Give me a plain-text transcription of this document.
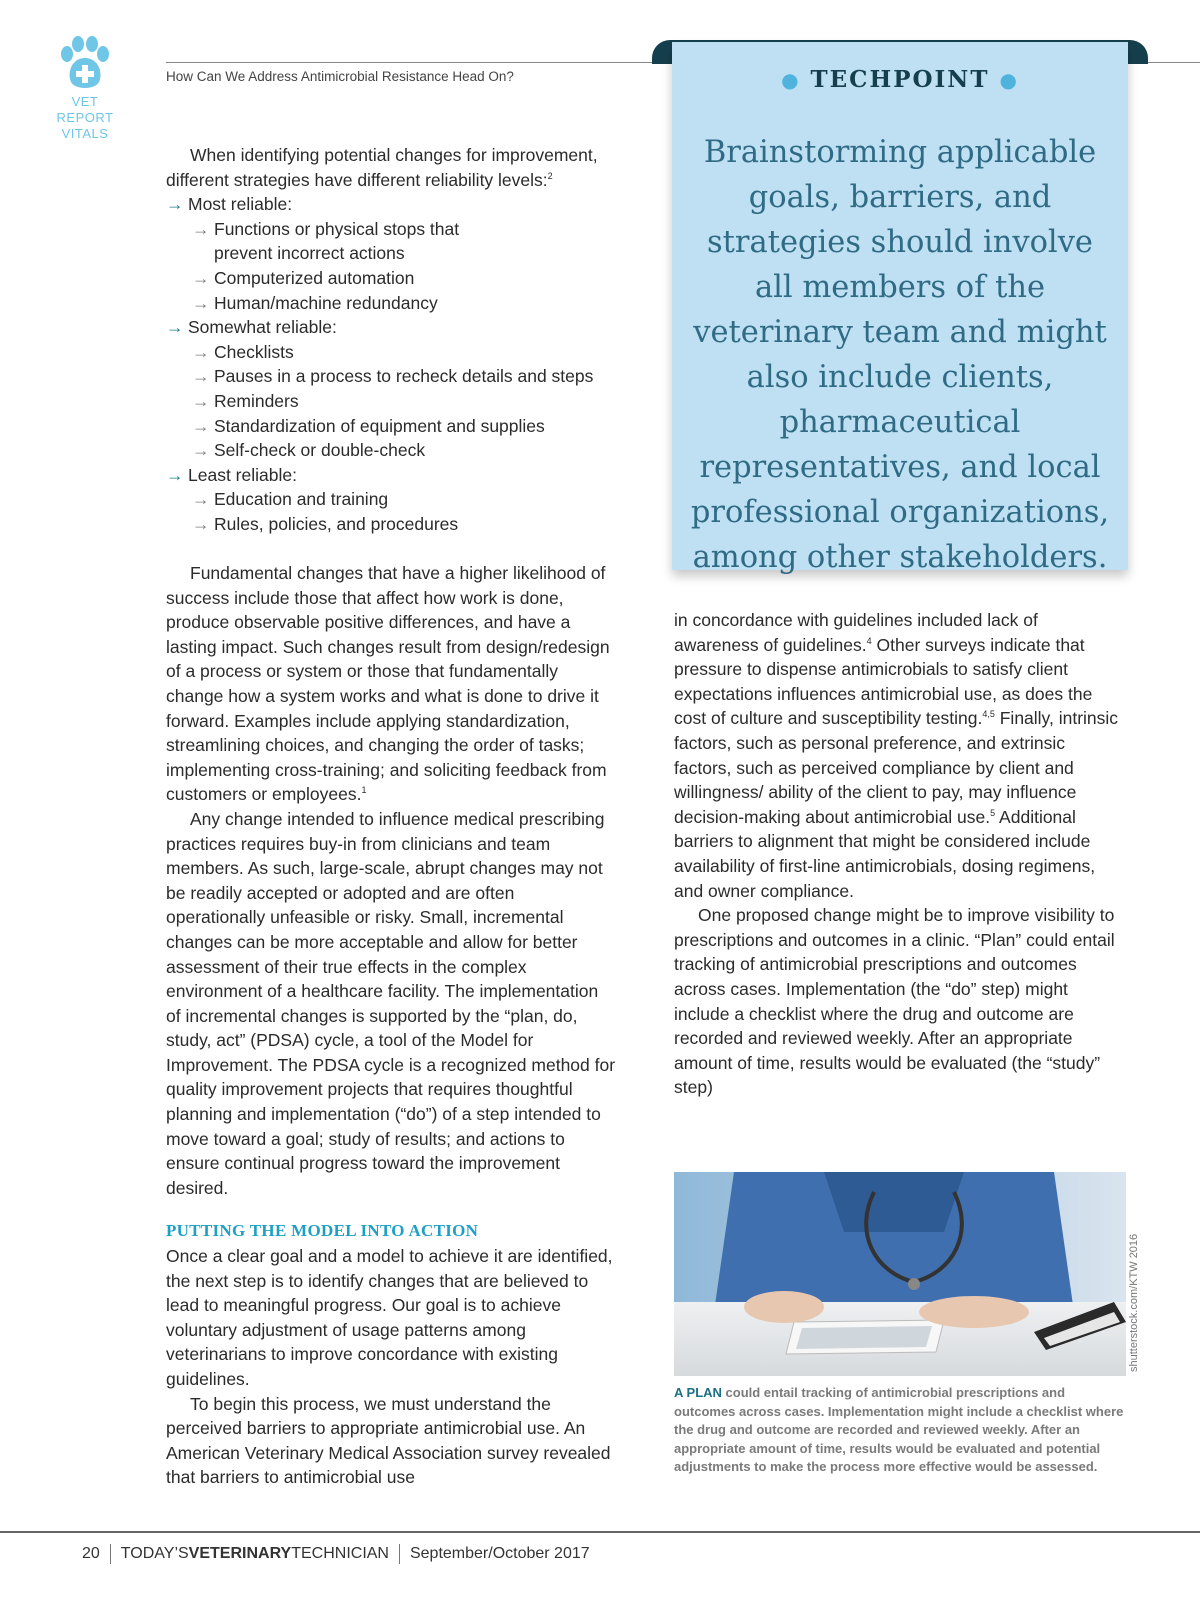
VET
REPORT
VITALS
How Can We Address Antimicrobial Resistance Head On?

When identifying potential changes for improvement, different strategies have different reliability levels:$^2$

→ Most reliable:
→ Functions or physical stops that
prevent incorrect actions
→ Computerized automation
→ Human/machine redundancy
→ Somewhat reliable:
→ Checklists
→ Pauses in a process to recheck details and steps
→ Reminders
→ Standardization of equipment and supplies
→ Self-check or double-check
→ Least reliable:
→ Education and training
→ Rules, policies, and procedures

Fundamental changes that have a higher likelihood of success include those that affect how work is done, produce observable positive differences, and have a lasting impact. Such changes result from design/redesign of a process or system or those that fundamentally change how a system works and what is done to drive it forward. Examples include applying standardization, streamlining choices, and changing the order of tasks; implementing cross-training; and soliciting feedback from customers or employees.$^1$

Any change intended to influence medical prescribing practices requires buy-in from clinicians and team members. As such, large-scale, abrupt changes may not be readily accepted or adopted and are often operationally unfeasible or risky. Small, incremental changes can be more acceptable and allow for better assessment of their true effects in the complex environment of a healthcare facility. The implementation of incremental changes is supported by the “plan, do, study, act” (PDSA) cycle, a tool of the Model for Improvement. The PDSA cycle is a recognized method for quality improvement projects that requires thoughtful planning and implementation (“do”) of a step intended to move toward a goal; study of results; and actions to ensure continual progress toward the improvement desired.

PUTTING THE MODEL INTO ACTION

Once a clear goal and a model to achieve it are identified, the next step is to identify changes that are believed to lead to meaningful progress. Our goal is to achieve voluntary adjustment of usage patterns among veterinarians to improve concordance with existing guidelines.

To begin this process, we must understand the perceived barriers to appropriate antimicrobial use. An American Veterinary Medical Association survey revealed that barriers to antimicrobial use

● TECHPOINT ●
Brainstorming applicable goals, barriers, and strategies should involve all members of the veterinary team and might also include clients, pharmaceutical representatives, and local professional organizations, among other stakeholders.

in concordance with guidelines included lack of awareness of guidelines.$^4$ Other surveys indicate that pressure to dispense antimicrobials to satisfy client expectations influences antimicrobial use, as does the cost of culture and susceptibility testing.$^{4,5}$ Finally, intrinsic factors, such as personal preference, and extrinsic factors, such as perceived compliance by client and willingness/ ability of the client to pay, may influence decision-making about antimicrobial use.$^5$ Additional barriers to alignment that might be considered include availability of first-line antimicrobials, dosing regimens, and owner compliance.

One proposed change might be to improve visibility to prescriptions and outcomes in a clinic. “Plan” could entail tracking of antimicrobial prescriptions and outcomes across cases. Implementation (the “do” step) might include a checklist where the drug and outcome are recorded and reviewed weekly. After an appropriate amount of time, results would be evaluated (the “study” step)

shutterstock.com/KTW 2016
A PLAN could entail tracking of antimicrobial prescriptions and outcomes across cases. Implementation might include a checklist where the drug and outcome are recorded and reviewed weekly. After an appropriate amount of time, results would be evaluated and potential adjustments to make the process more effective would be assessed.
20 TODAY’SVETERINARYTECHNICIAN September/October 2017
